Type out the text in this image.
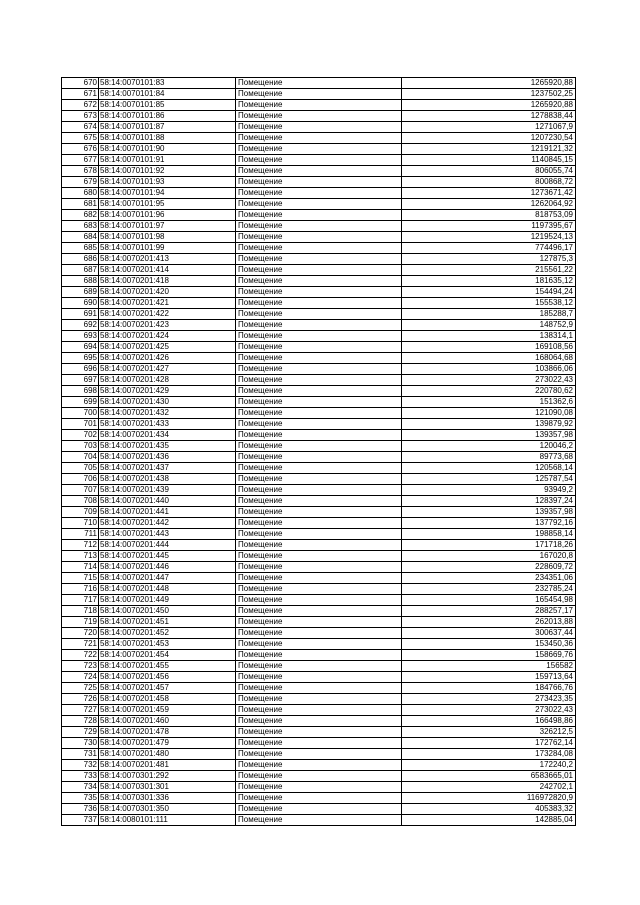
670	58:14:0070101:83	Помещение	1265920,88
671	58:14:0070101:84	Помещение	1237502,25
672	58:14:0070101:85	Помещение	1265920,88
673	58:14:0070101:86	Помещение	1278838,44
674	58:14:0070101:87	Помещение	1271067,9
675	58:14:0070101:88	Помещение	1207230,54
676	58:14:0070101:90	Помещение	1219121,32
677	58:14:0070101:91	Помещение	1140845,15
678	58:14:0070101:92	Помещение	806055,74
679	58:14:0070101:93	Помещение	800868,72
680	58:14:0070101:94	Помещение	1273671,42
681	58:14:0070101:95	Помещение	1262064,92
682	58:14:0070101:96	Помещение	818753,09
683	58:14:0070101:97	Помещение	1197395,67
684	58:14:0070101:98	Помещение	1219524,13
685	58:14:0070101:99	Помещение	774496,17
686	58:14:0070201:413	Помещение	127875,3
687	58:14:0070201:414	Помещение	215561,22
688	58:14:0070201:418	Помещение	181635,12
689	58:14:0070201:420	Помещение	154494,24
690	58:14:0070201:421	Помещение	155538,12
691	58:14:0070201:422	Помещение	185288,7
692	58:14:0070201:423	Помещение	148752,9
693	58:14:0070201:424	Помещение	138314,1
694	58:14:0070201:425	Помещение	169108,56
695	58:14:0070201:426	Помещение	168064,68
696	58:14:0070201:427	Помещение	103866,06
697	58:14:0070201:428	Помещение	273022,43
698	58:14:0070201:429	Помещение	220780,62
699	58:14:0070201:430	Помещение	151362,6
700	58:14:0070201:432	Помещение	121090,08
701	58:14:0070201:433	Помещение	139879,92
702	58:14:0070201:434	Помещение	139357,98
703	58:14:0070201:435	Помещение	120046,2
704	58:14:0070201:436	Помещение	89773,68
705	58:14:0070201:437	Помещение	120568,14
706	58:14:0070201:438	Помещение	125787,54
707	58:14:0070201:439	Помещение	93949,2
708	58:14:0070201:440	Помещение	128397,24
709	58:14:0070201:441	Помещение	139357,98
710	58:14:0070201:442	Помещение	137792,16
711	58:14:0070201:443	Помещение	198858,14
712	58:14:0070201:444	Помещение	171718,26
713	58:14:0070201:445	Помещение	167020,8
714	58:14:0070201:446	Помещение	228609,72
715	58:14:0070201:447	Помещение	234351,06
716	58:14:0070201:448	Помещение	232785,24
717	58:14:0070201:449	Помещение	165454,98
718	58:14:0070201:450	Помещение	288257,17
719	58:14:0070201:451	Помещение	262013,88
720	58:14:0070201:452	Помещение	300637,44
721	58:14:0070201:453	Помещение	153450,36
722	58:14:0070201:454	Помещение	158669,76
723	58:14:0070201:455	Помещение	156582
724	58:14:0070201:456	Помещение	159713,64
725	58:14:0070201:457	Помещение	184766,76
726	58:14:0070201:458	Помещение	273423,35
727	58:14:0070201:459	Помещение	273022,43
728	58:14:0070201:460	Помещение	166498,86
729	58:14:0070201:478	Помещение	326212,5
730	58:14:0070201:479	Помещение	172762,14
731	58:14:0070201:480	Помещение	173284,08
732	58:14:0070201:481	Помещение	172240,2
733	58:14:0070301:292	Помещение	6583665,01
734	58:14:0070301:301	Помещение	242702,1
735	58:14:0070301:336	Помещение	116972820,9
736	58:14:0070301:350	Помещение	405383,32
737	58:14:0080101:111	Помещение	142885,04
